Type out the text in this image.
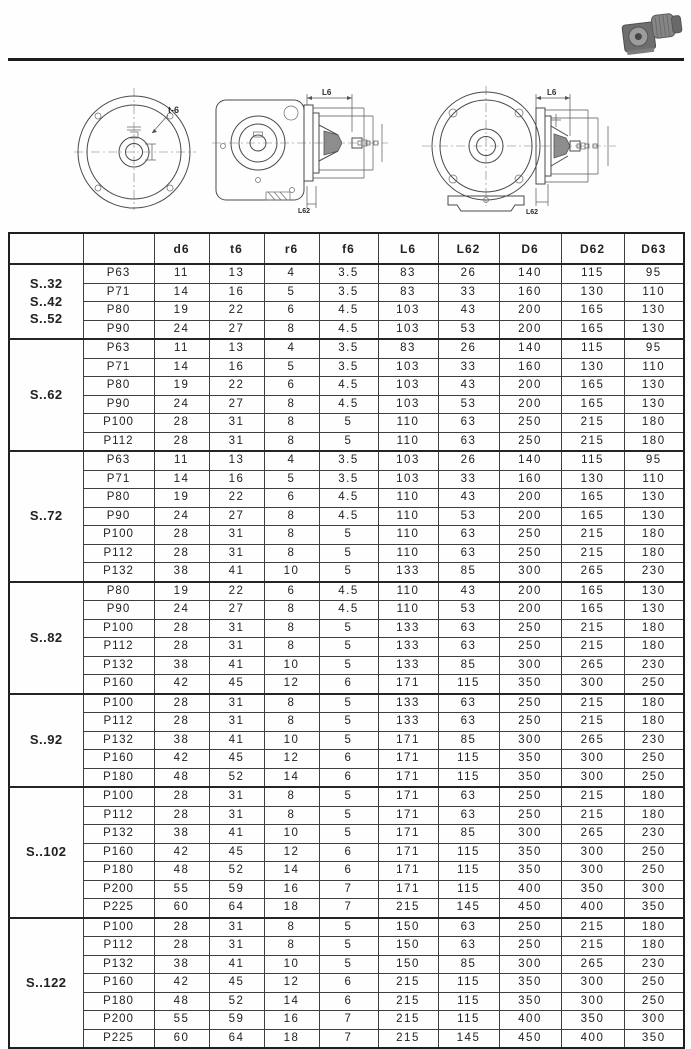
t-6
L6
L62
L6
L62
		d6	t6	r6	f6	L6	L62	D6	D62	D63

S..32
S..42
S..52	P63	11	13	4	3.5	83	26	140	115	95
	P71	14	16	5	3.5	83	33	160	130	110
	P80	19	22	6	4.5	103	43	200	165	130
	P90	24	27	8	4.5	103	53	200	165	130

S..62	P63	11	13	4	3.5	83	26	140	115	95
	P71	14	16	5	3.5	103	33	160	130	110
	P80	19	22	6	4.5	103	43	200	165	130
	P90	24	27	8	4.5	103	53	200	165	130
	P100	28	31	8	5	110	63	250	215	180
	P112	28	31	8	5	110	63	250	215	180

S..72	P63	11	13	4	3.5	103	26	140	115	95
	P71	14	16	5	3.5	103	33	160	130	110
	P80	19	22	6	4.5	110	43	200	165	130
	P90	24	27	8	4.5	110	53	200	165	130
	P100	28	31	8	5	110	63	250	215	180
	P112	28	31	8	5	110	63	250	215	180
	P132	38	41	10	5	133	85	300	265	230

S..82	P80	19	22	6	4.5	110	43	200	165	130
	P90	24	27	8	4.5	110	53	200	165	130
	P100	28	31	8	5	133	63	250	215	180
	P112	28	31	8	5	133	63	250	215	180
	P132	38	41	10	5	133	85	300	265	230
	P160	42	45	12	6	171	115	350	300	250

S..92	P100	28	31	8	5	133	63	250	215	180
	P112	28	31	8	5	133	63	250	215	180
	P132	38	41	10	5	171	85	300	265	230
	P160	42	45	12	6	171	115	350	300	250
	P180	48	52	14	6	171	115	350	300	250

S..102	P100	28	31	8	5	171	63	250	215	180
	P112	28	31	8	5	171	63	250	215	180
	P132	38	41	10	5	171	85	300	265	230
	P160	42	45	12	6	171	115	350	300	250
	P180	48	52	14	6	171	115	350	300	250
	P200	55	59	16	7	171	115	400	350	300
	P225	60	64	18	7	215	145	450	400	350

S..122	P100	28	31	8	5	150	63	250	215	180
	P112	28	31	8	5	150	63	250	215	180
	P132	38	41	10	5	150	85	300	265	230
	P160	42	45	12	6	215	115	350	300	250
	P180	48	52	14	6	215	115	350	300	250
	P200	55	59	16	7	215	115	400	350	300
	P225	60	64	18	7	215	145	450	400	350
